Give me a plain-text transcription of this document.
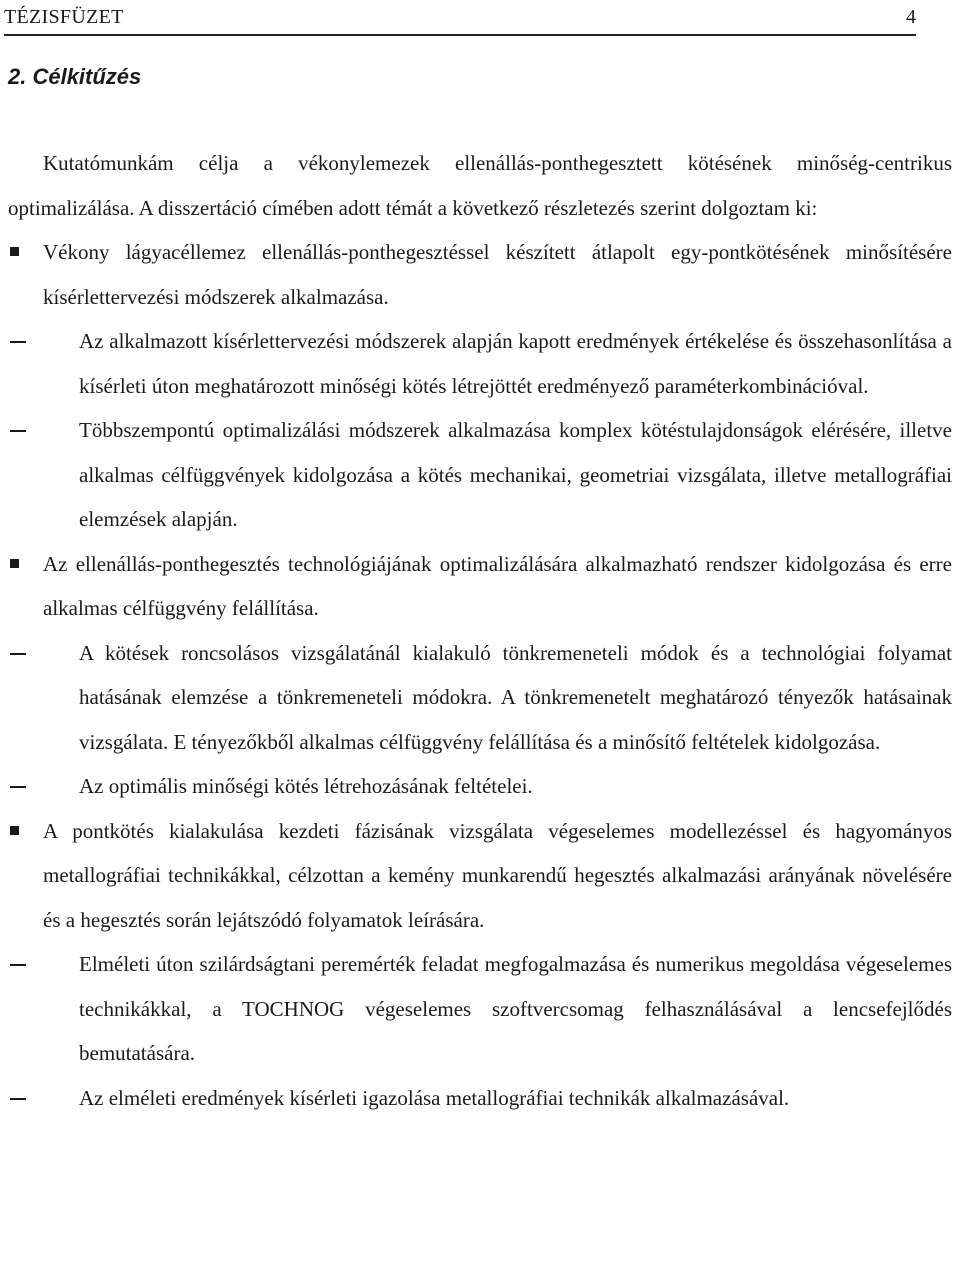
TÉZISFÜZET	4
2. Célkitűzés

Kutatómunkám célja a vékonylemezek ellenállás-ponthegesztett kötésének minőség-centrikus optimalizálása. A disszertáció címében adott témát a következő részletezés szerint dolgoztam ki:

Vékony lágyacéllemez ellenállás-ponthegesztéssel készített átlapolt egy-pontkötésének minősítésére kísérlettervezési módszerek alkalmazása.
Az alkalmazott kísérlettervezési módszerek alapján kapott eredmények értékelése és összehasonlítása a kísérleti úton meghatározott minőségi kötés létrejöttét eredményező paraméterkombinációval.
Többszempontú optimalizálási módszerek alkalmazása komplex kötéstulajdonságok elérésére, illetve alkalmas célfüggvények kidolgozása a kötés mechanikai, geometriai vizsgálata, illetve metallográfiai elemzések alapján.
Az ellenállás-ponthegesztés technológiájának optimalizálására alkalmazható rendszer kidolgozása és erre alkalmas célfüggvény felállítása.
A kötések roncsolásos vizsgálatánál kialakuló tönkremeneteli módok és a technológiai folyamat hatásának elemzése a tönkremeneteli módokra. A tönkremenetelt meghatározó tényezők hatásainak vizsgálata. E tényezőkből alkalmas célfüggvény felállítása és a minősítő feltételek kidolgozása.
Az optimális minőségi kötés létrehozásának feltételei.
A pontkötés kialakulása kezdeti fázisának vizsgálata végeselemes modellezéssel és hagyományos metallográfiai technikákkal, célzottan a kemény munkarendű hegesztés alkalmazási arányának növelésére és a hegesztés során lejátszódó folyamatok leírására.
Elméleti úton szilárdságtani peremérték feladat megfogalmazása és numerikus megoldása végeselemes technikákkal, a TOCHNOG végeselemes szoftvercsomag felhasználásával a lencsefejlődés bemutatására.
Az elméleti eredmények kísérleti igazolása metallográfiai technikák alkalmazásával.
